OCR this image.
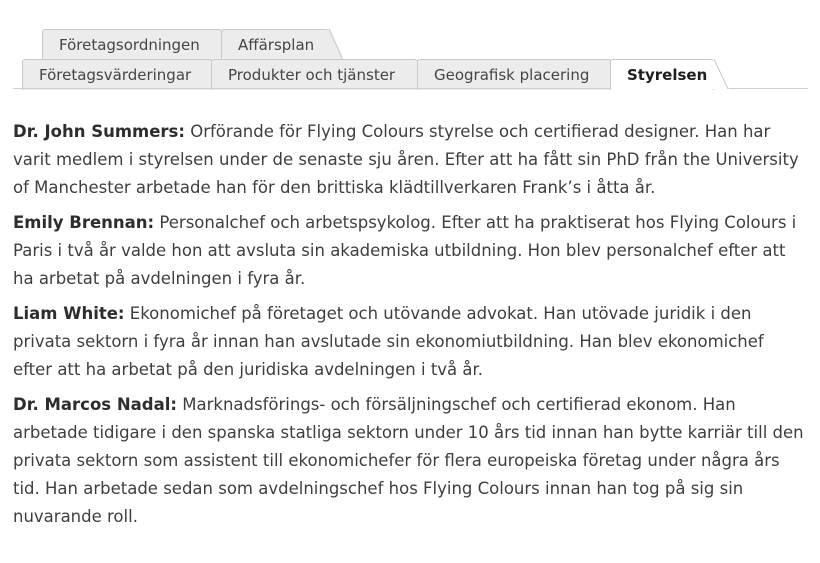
Företagsordningen	Affärsplan
Företagsvärderingar	Produkter och tjänster	Geografisk placering	Styrelsen

Dr. John Summers: Orförande för Flying Colours styrelse och certifierad designer. Han har varit medlem i styrelsen under de senaste sju åren. Efter att ha fått sin PhD från the University of Manchester arbetade han för den brittiska klädtillverkaren Frank’s i åtta år.

Emily Brennan: Personalchef och arbetspsykolog. Efter att ha praktiserat hos Flying Colours i Paris i två år valde hon att avsluta sin akademiska utbildning. Hon blev personalchef efter att ha arbetat på avdelningen i fyra år.

Liam White: Ekonomichef på företaget och utövande advokat. Han utövade juridik i den privata sektorn i fyra år innan han avslutade sin ekonomiutbildning. Han blev ekonomichef efter att ha arbetat på den juridiska avdelningen i två år.

Dr. Marcos Nadal: Marknadsförings- och försäljningschef och certifierad ekonom. Han arbetade tidigare i den spanska statliga sektorn under 10 års tid innan han bytte karriär till den privata sektorn som assistent till ekonomichefer för flera europeiska företag under några års tid. Han arbetade sedan som avdelningschef hos Flying Colours innan han tog på sig sin nuvarande roll.
